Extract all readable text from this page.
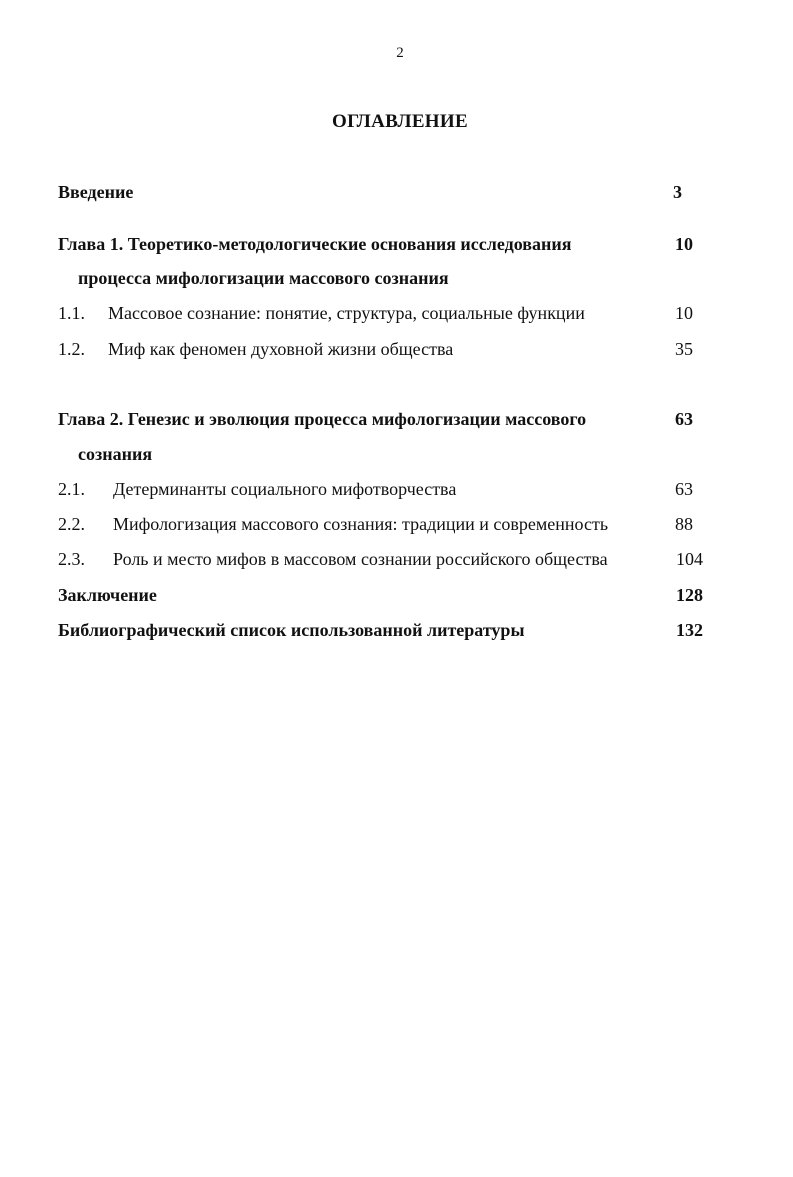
2
ОГЛАВЛЕНИЕ
Введение	3
Глава 1. Теоретико-методологические основания исследования	10
процесса мифологизации массового сознания
1.1. Массовое сознание: понятие, структура, социальные функции	10
1.2. Миф как феномен духовной жизни общества	35
Глава 2. Генезис и эволюция процесса мифологизации массового	63
сознания
2.1. Детерминанты социального мифотворчества	63
2.2. Мифологизация массового сознания: традиции и современность	88
2.3. Роль и место мифов в массовом сознании российского общества	104
Заключение	128
Библиографический список использованной литературы	132
